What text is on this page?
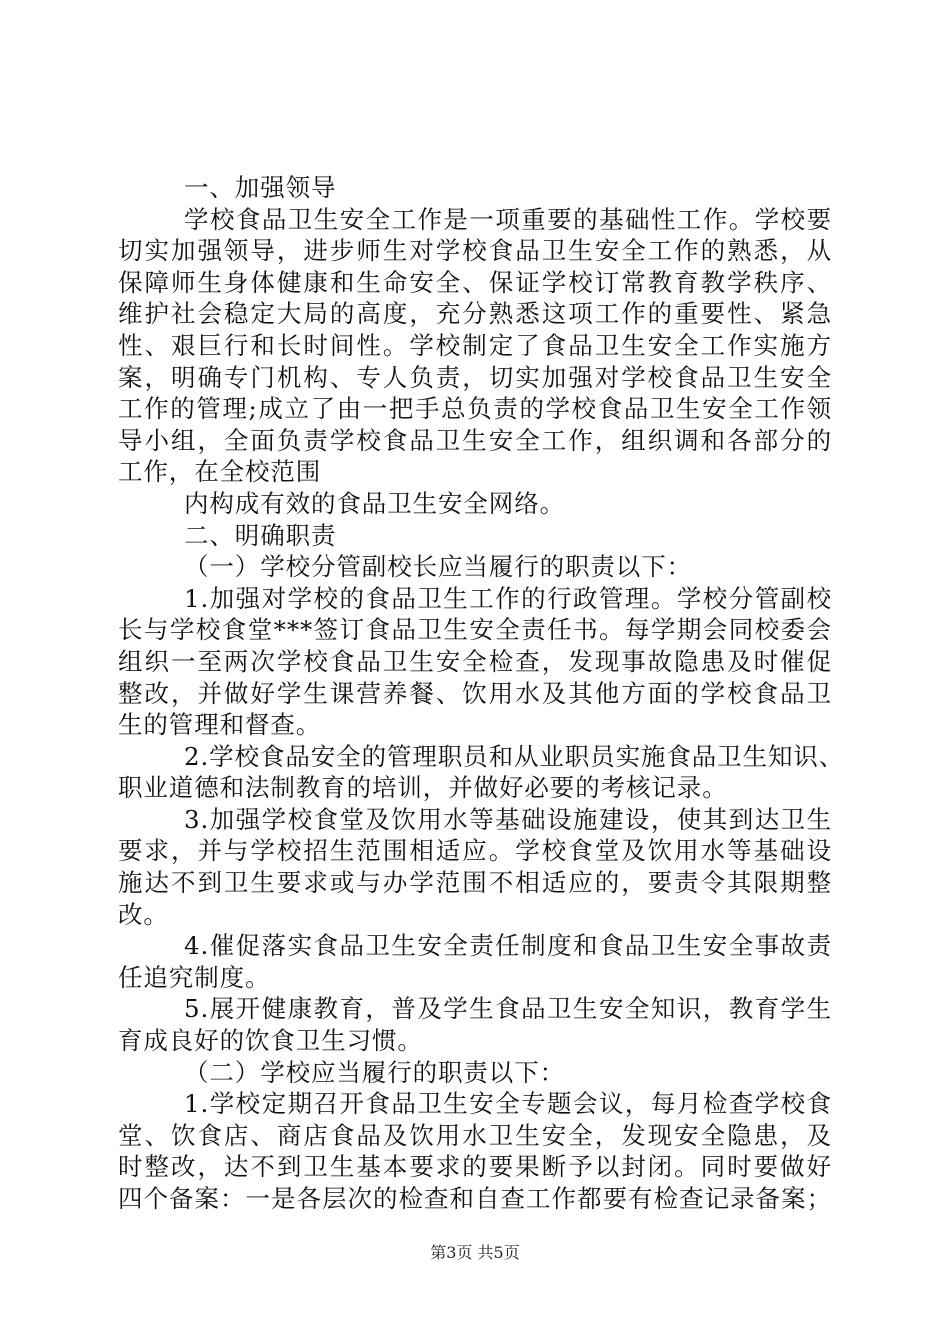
一、加强领导
学校食品卫生安全工作是一项重要的基础性工作。学校要
切实加强领导，进步师生对学校食品卫生安全工作的熟悉，从
保障师生身体健康和生命安全、保证学校订常教育教学秩序、
维护社会稳定大局的高度，充分熟悉这项工作的重要性、紧急
性、艰巨行和长时间性。学校制定了食品卫生安全工作实施方
案，明确专门机构、专人负责，切实加强对学校食品卫生安全
工作的管理;成立了由一把手总负责的学校食品卫生安全工作领
导小组，全面负责学校食品卫生安全工作，组织调和各部分的
工作，在全校范围
内构成有效的食品卫生安全网络。
二、明确职责
（一）学校分管副校长应当履行的职责以下：
1.加强对学校的食品卫生工作的行政管理。学校分管副校
长与学校食堂***签订食品卫生安全责任书。每学期会同校委会
组织一至两次学校食品卫生安全检查，发现事故隐患及时催促
整改，并做好学生课营养餐、饮用水及其他方面的学校食品卫
生的管理和督查。
2.学校食品安全的管理职员和从业职员实施食品卫生知识、
职业道德和法制教育的培训，并做好必要的考核记录。
3.加强学校食堂及饮用水等基础设施建设，使其到达卫生
要求，并与学校招生范围相适应。学校食堂及饮用水等基础设
施达不到卫生要求或与办学范围不相适应的，要责令其限期整
改。
4.催促落实食品卫生安全责任制度和食品卫生安全事故责
任追究制度。
5.展开健康教育，普及学生食品卫生安全知识，教育学生
育成良好的饮食卫生习惯。
（二）学校应当履行的职责以下：
1.学校定期召开食品卫生安全专题会议，每月检查学校食
堂、饮食店、商店食品及饮用水卫生安全，发现安全隐患，及
时整改，达不到卫生基本要求的要果断予以封闭。同时要做好
四个备案：一是各层次的检查和自查工作都要有检查记录备案；
第3页 共5页
